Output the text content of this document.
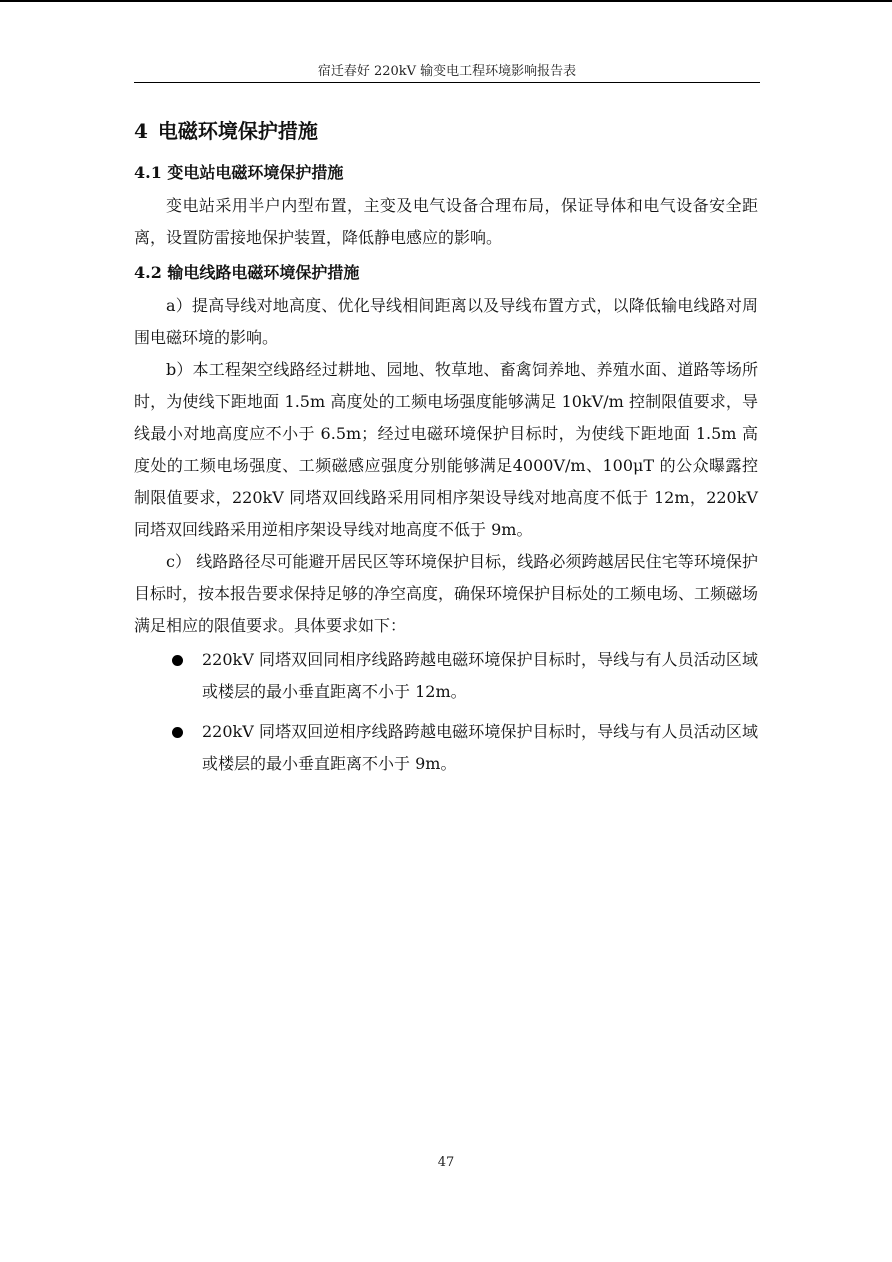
宿迁春好 220kV 输变电工程环境影响报告表
4 电磁环境保护措施
4.1 变电站电磁环境保护措施

变电站采用半户内型布置，主变及电气设备合理布局，保证导体和电气设备安全距离，设置防雷接地保护装置，降低静电感应的影响。

4.2 输电线路电磁环境保护措施

a）提高导线对地高度、优化导线相间距离以及导线布置方式，以降低输电线路对周围电磁环境的影响。

b）本工程架空线路经过耕地、园地、牧草地、畜禽饲养地、养殖水面、道路等场所时，为使线下距地面 1.5m 高度处的工频电场强度能够满足 10kV/m 控制限值要求，导线最小对地高度应不小于 6.5m；经过电磁环境保护目标时，为使线下距地面 1.5m 高度处的工频电场强度、工频磁感应强度分别能够满足4000V/m、100μT 的公众曝露控制限值要求，220kV 同塔双回线路采用同相序架设导线对地高度不低于 12m，220kV 同塔双回线路采用逆相序架设导线对地高度不低于 9m。

c） 线路路径尽可能避开居民区等环境保护目标，线路必须跨越居民住宅等环境保护目标时，按本报告要求保持足够的净空高度，确保环境保护目标处的工频电场、工频磁场满足相应的限值要求。具体要求如下：

220kV 同塔双回同相序线路跨越电磁环境保护目标时，导线与有人员活动区域或楼层的最小垂直距离不小于 12m。
220kV 同塔双回逆相序线路跨越电磁环境保护目标时，导线与有人员活动区域或楼层的最小垂直距离不小于 9m。
47
